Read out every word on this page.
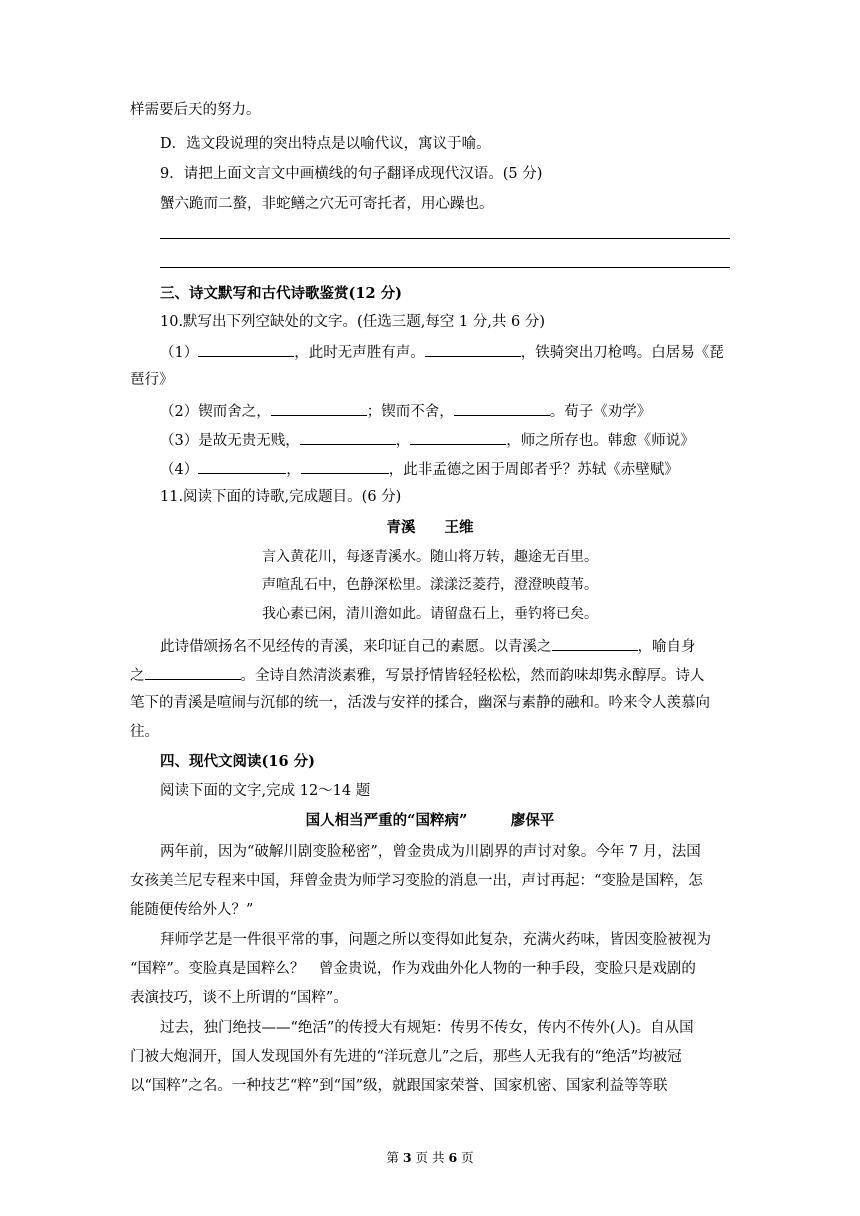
样需要后天的努力。
D．选文段说理的突出特点是以喻代议，寓议于喻。
9．请把上面文言文中画横线的句子翻译成现代汉语。(5 分)
蟹六跪而二螯，非蛇鳝之穴无可寄托者，用心躁也。
三、诗文默写和古代诗歌鉴赏(12 分)
10.默写出下列空缺处的文字。(任选三题,每空 1 分,共 6 分)
（1）	，此时无声胜有声。	，铁骑突出刀枪鸣。白居易《琵
琶行》
（2）锲而舍之，	；锲而不舍，	。荀子《劝学》
（3）是故无贵无贱，	，	，师之所存也。韩愈《师说》
（4）	，	，此非孟德之困于周郎者乎？苏轼《赤壁赋》
11.阅读下面的诗歌,完成题目。(6 分)
青溪　　王维
言入黄花川，每逐青溪水。随山将万转，趣途无百里。
声喧乱石中，色静深松里。漾漾泛菱荇，澄澄映葭苇。
我心素已闲，清川澹如此。请留盘石上，垂钓将已矣。
此诗借颂扬名不见经传的青溪，来印证自己的素愿。以青溪之	，喻自身
之	。全诗自然清淡素雅，写景抒情皆轻轻松松，然而韵味却隽永醇厚。诗人
笔下的青溪是喧闹与沉郁的统一，活泼与安祥的揉合，幽深与素静的融和。吟来令人羡慕向
往。
四、现代文阅读(16 分)
阅读下面的文字,完成 12～14 题
国人相当严重的“国粹病”　　　廖保平
两年前，因为“破解川剧变脸秘密”，曾金贵成为川剧界的声讨对象。今年 7 月，法国
女孩美兰尼专程来中国，拜曾金贵为师学习变脸的消息一出，声讨再起：“变脸是国粹，怎
能随便传给外人？”
拜师学艺是一件很平常的事，问题之所以变得如此复杂，充满火药味，皆因变脸被视为
“国粹”。变脸真是国粹么？　曾金贵说，作为戏曲外化人物的一种手段，变脸只是戏剧的
表演技巧，谈不上所谓的“国粹”。
过去，独门绝技——“绝活”的传授大有规矩：传男不传女，传内不传外(人)。自从国
门被大炮洞开，国人发现国外有先进的“洋玩意儿”之后，那些人无我有的“绝活”均被冠
以“国粹”之名。一种技艺“粹”到“国”级，就跟国家荣誉、国家机密、国家利益等等联
第 3 页 共 6 页
